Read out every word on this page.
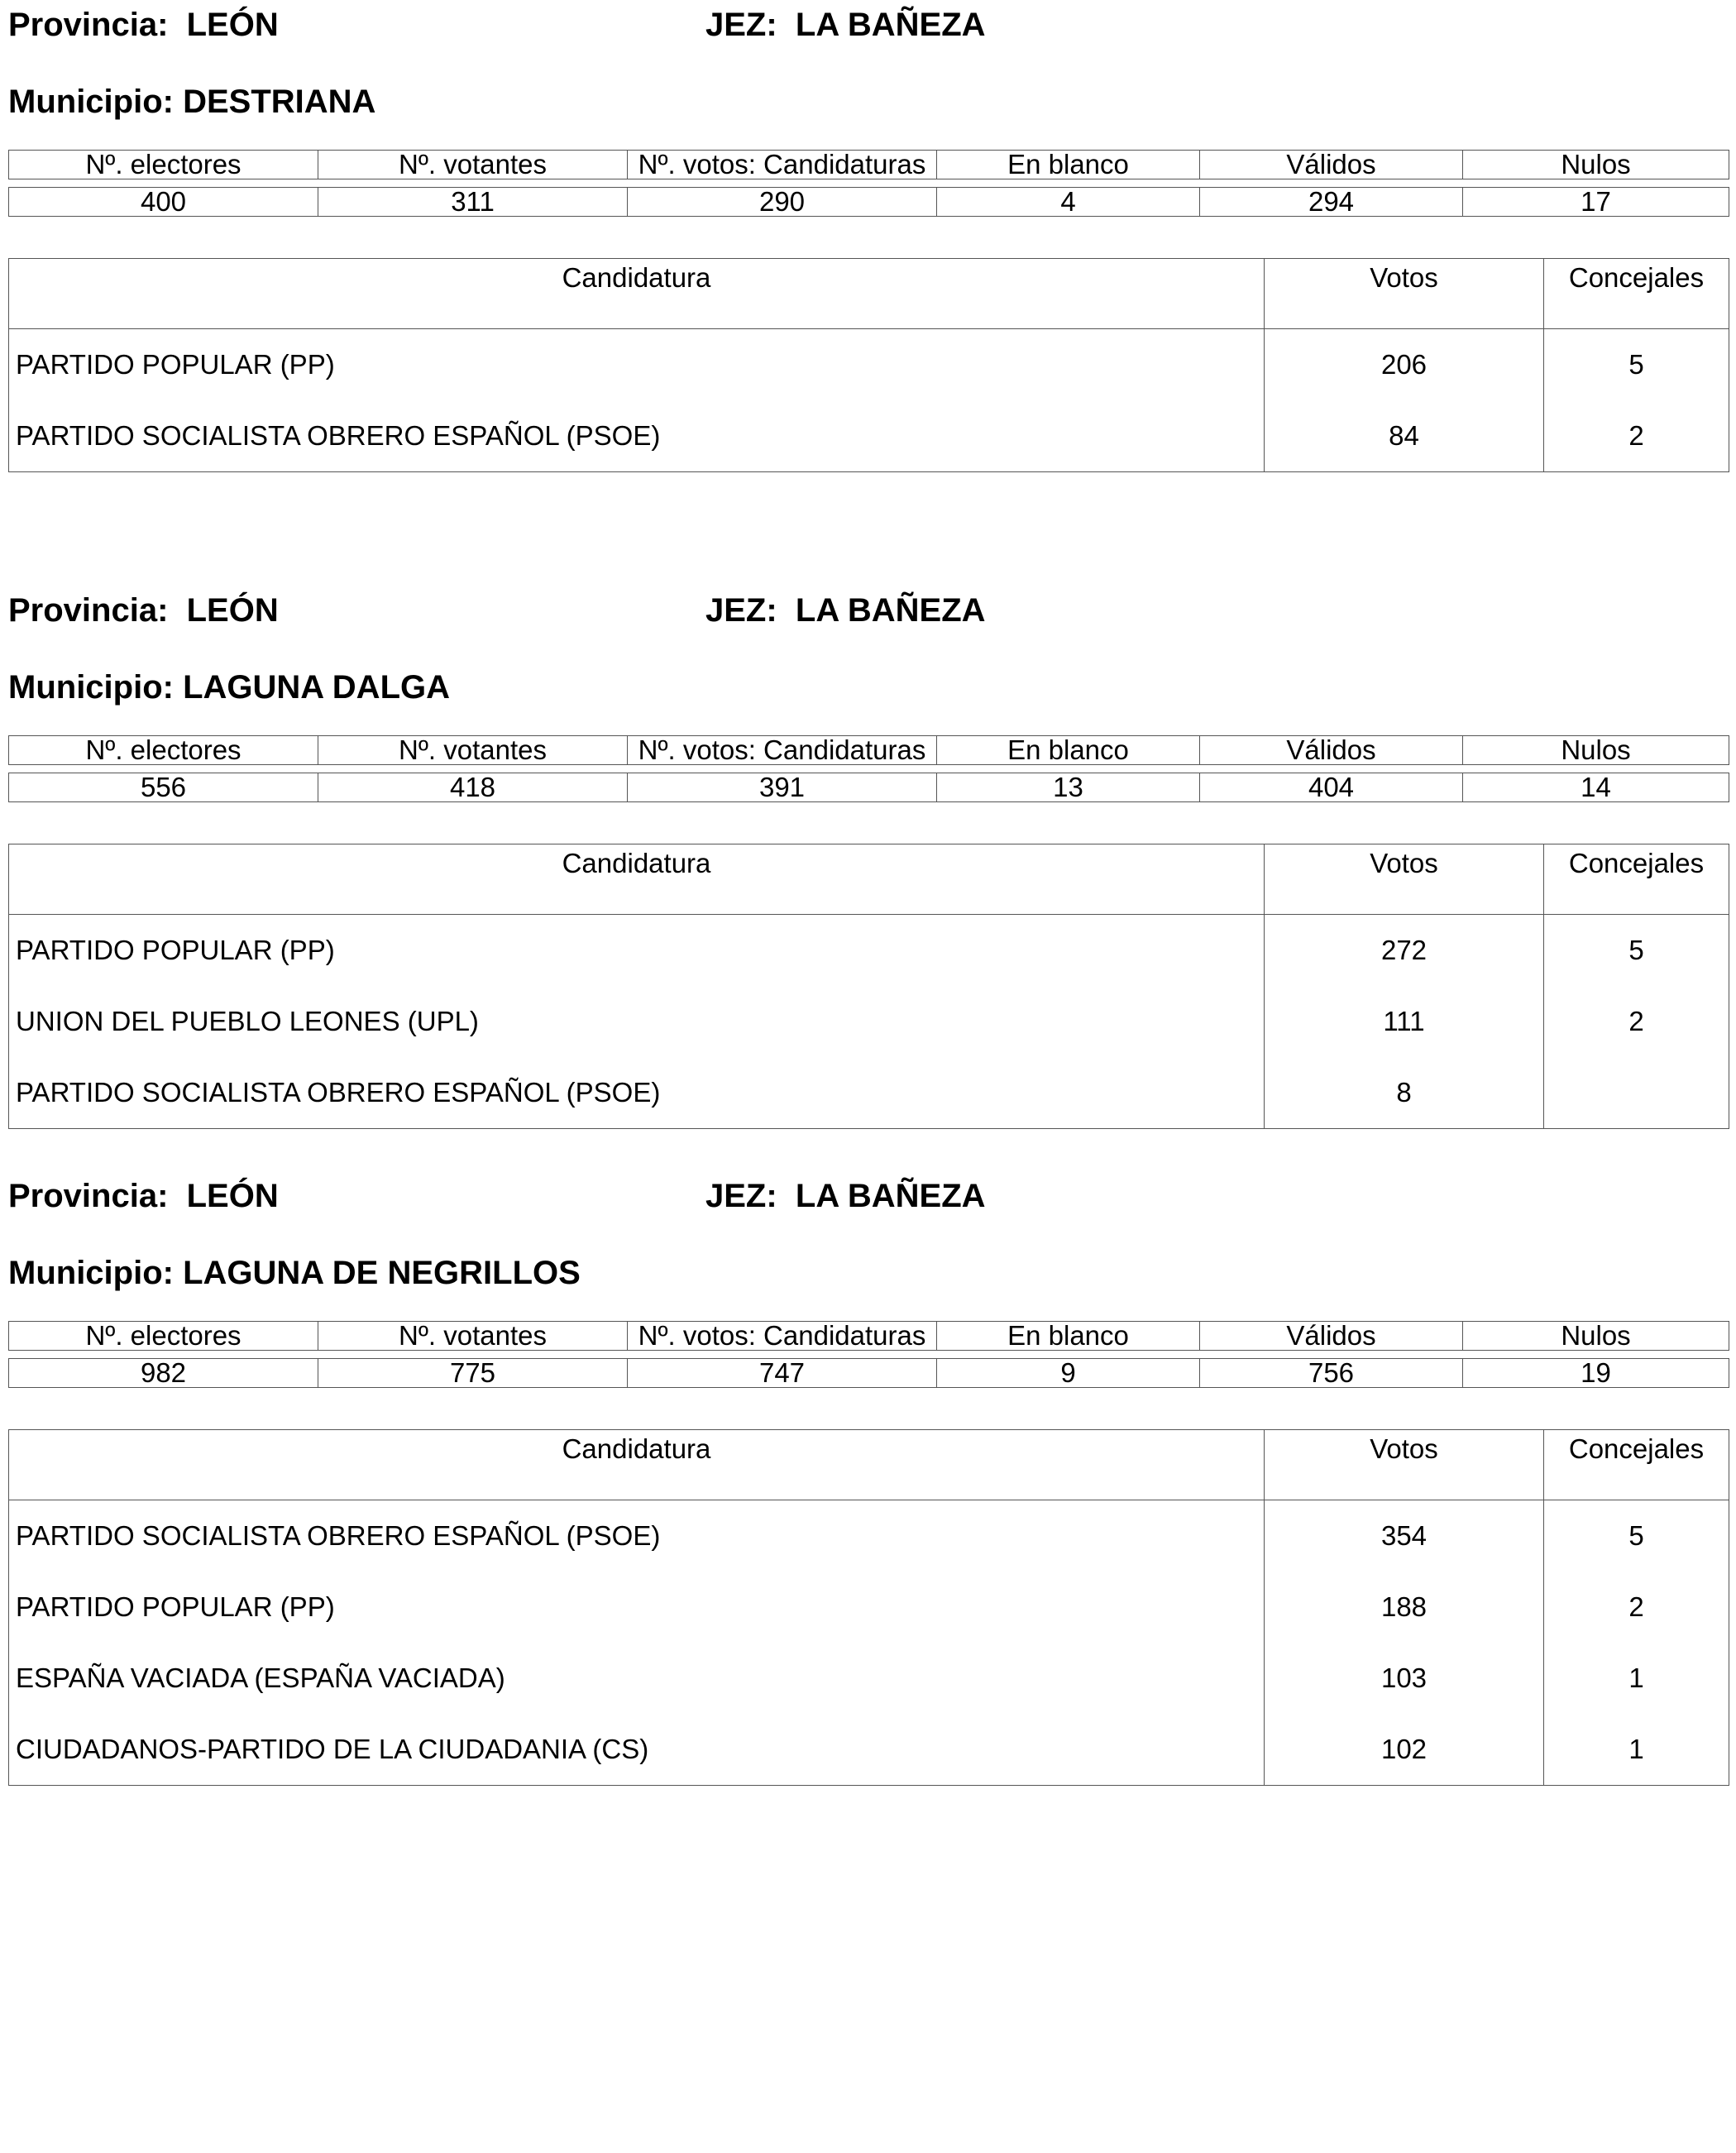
Provincia:  LEÓN	JEZ:  LA BAÑEZA
Municipio: DESTRIANA
Nº. electores	Nº. votantes	Nº. votos: Candidaturas	En blanco	Válidos	Nulos

400	311	290	4	294	17
Candidatura	Votos	Concejales
PARTIDO POPULAR (PP)	206	5
PARTIDO SOCIALISTA OBRERO ESPAÑOL (PSOE)	84	2
Provincia:  LEÓN	JEZ:  LA BAÑEZA
Municipio: LAGUNA DALGA
Nº. electores	Nº. votantes	Nº. votos: Candidaturas	En blanco	Válidos	Nulos

556	418	391	13	404	14
Candidatura	Votos	Concejales
PARTIDO POPULAR (PP)	272	5
UNION DEL PUEBLO LEONES (UPL)	111	2
PARTIDO SOCIALISTA OBRERO ESPAÑOL (PSOE)	8	
Provincia:  LEÓN	JEZ:  LA BAÑEZA
Municipio: LAGUNA DE NEGRILLOS
Nº. electores	Nº. votantes	Nº. votos: Candidaturas	En blanco	Válidos	Nulos

982	775	747	9	756	19
Candidatura	Votos	Concejales
PARTIDO SOCIALISTA OBRERO ESPAÑOL (PSOE)	354	5
PARTIDO POPULAR (PP)	188	2
ESPAÑA VACIADA (ESPAÑA VACIADA)	103	1
CIUDADANOS-PARTIDO DE LA CIUDADANIA (CS)	102	1
